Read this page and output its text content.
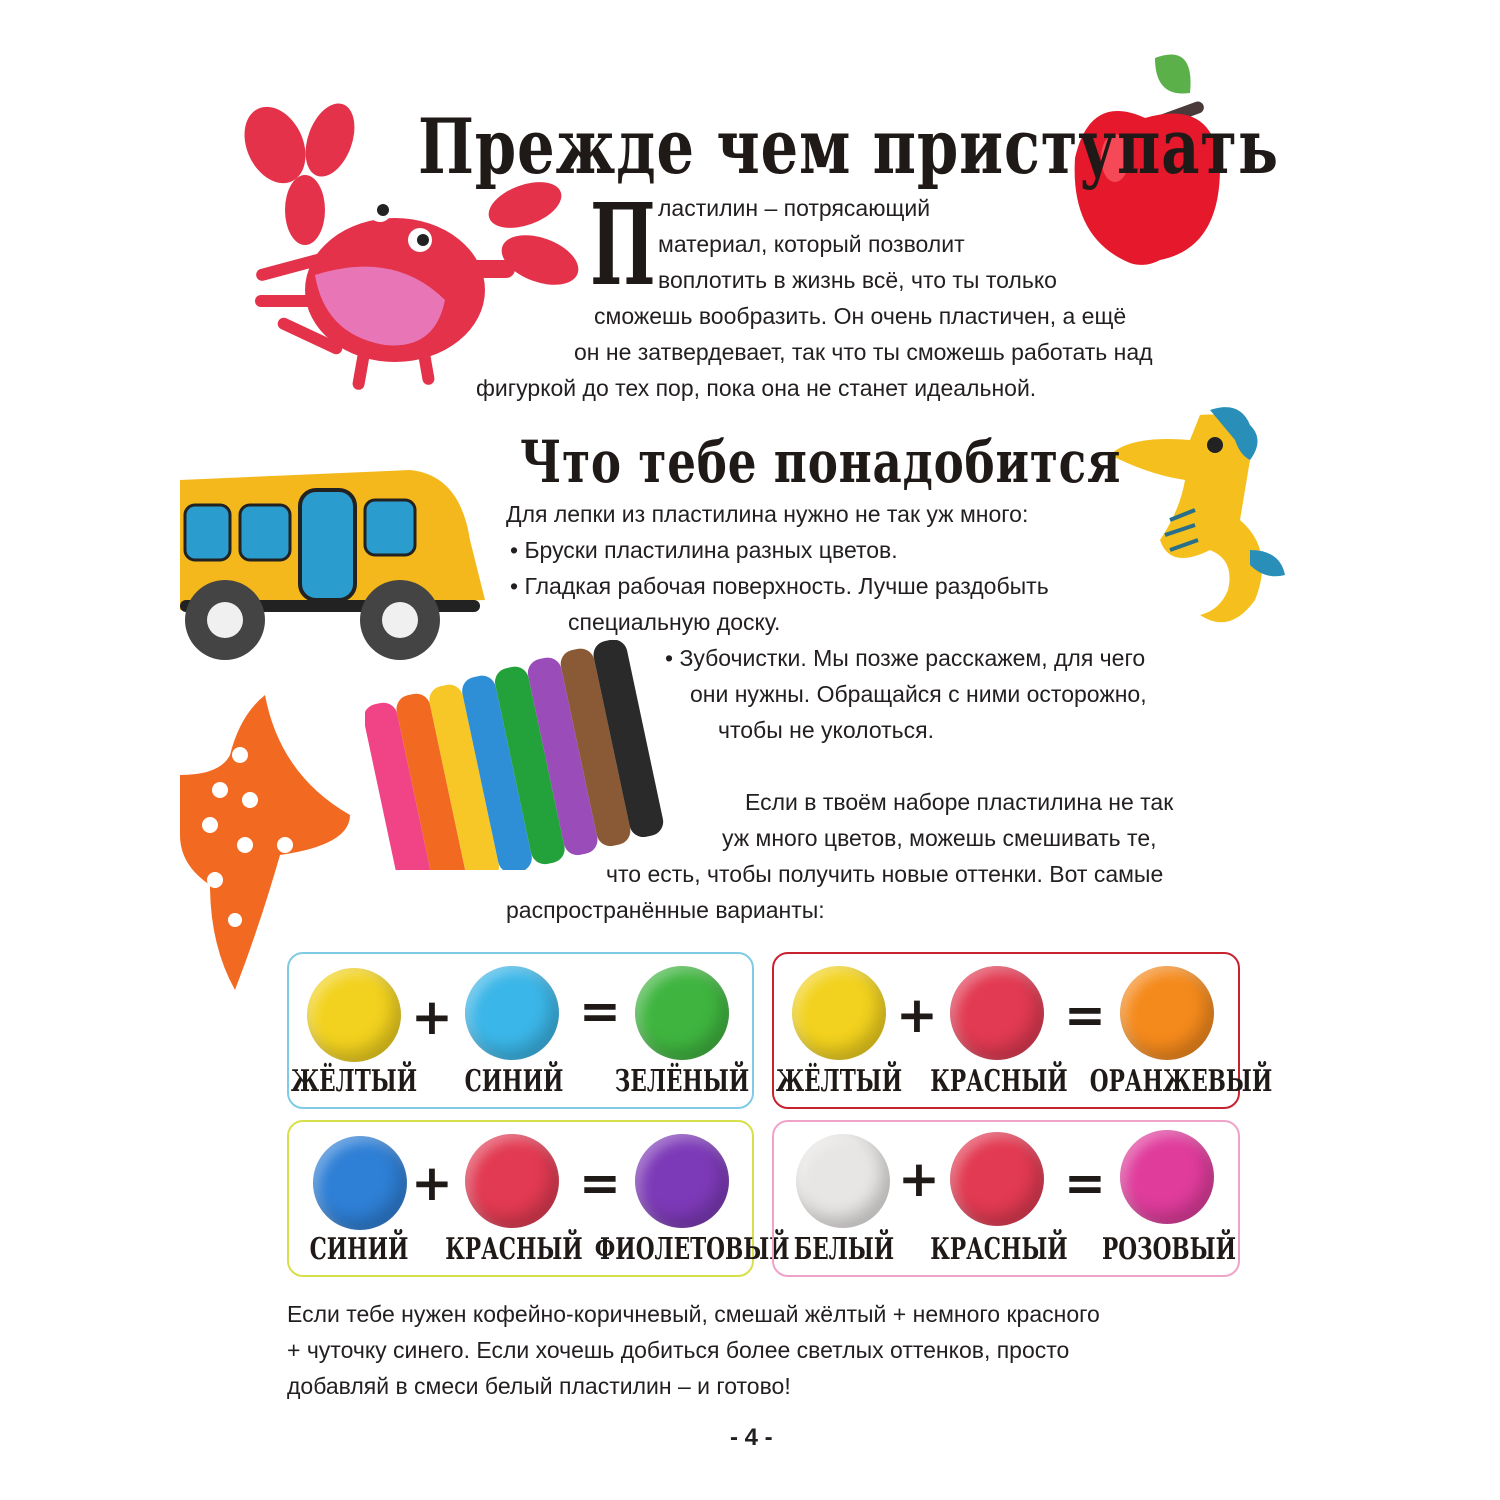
Прежде чем приступать
П ластилин – потрясающий
материал, который позволит
воплотить в жизнь всё, что ты только
сможешь вообразить. Он очень пластичен, а ещё
он не затвердевает, так что ты сможешь работать над
фигуркой до тех пор, пока она не станет идеальной.
Что тебе понадобится
Для лепки из пластилина нужно не так уж много:
• Бруски пластилина разных цветов.
• Гладкая рабочая поверхность. Лучше раздобыть
специальную доску.
• Зубочистки. Мы позже расскажем, для чего
они нужны. Обращайся с ними осторожно,
чтобы не уколоться.
Если в твоём наборе пластилина не так
уж много цветов, можешь смешивать те,
что есть, чтобы получить новые оттенки. Вот самые
распространённые варианты:
+	=
ЖЁЛТЫЙ	СИНИЙ	ЗЕЛЁНЫЙ
+	=
ЖЁЛТЫЙ КРАСНЫЙ ОРАНЖЕВЫЙ
+	=
СИНИЙ	КРАСНЫЙ ФИОЛЕТОВЫЙ
+ =
БЕЛЫЙ	КРАСНЫЙ	РОЗОВЫЙ
Если тебе нужен кофейно-коричневый, смешай жёлтый + немного красного
+ чуточку синего. Если хочешь добиться более светлых оттенков, просто
добавляй в смеси белый пластилин – и готово!
- 4 -
